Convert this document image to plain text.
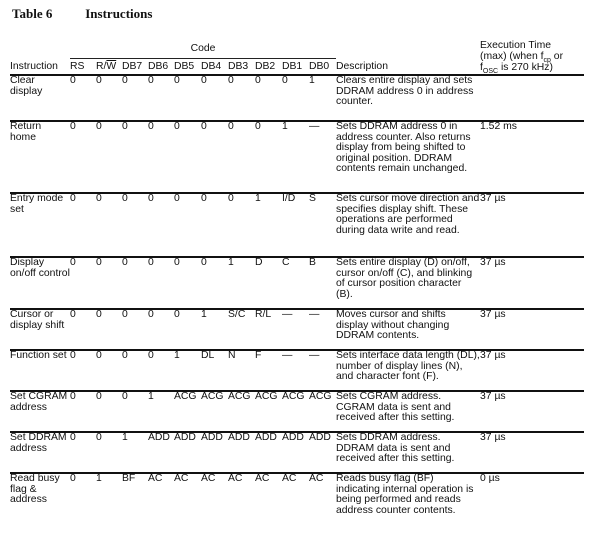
Table 6	Instructions
	Code											Execution Time
(max) (when $f_{cp}$ or
$f_{OSC}$ is 270 kHz)
Instruction	RS	$R/\overline{W}$	DB7	DB6	DB5	DB4	DB3	DB2	DB1	DB0	Description	
Clear display	0	0	0	0	0	0	0	0	0	1	Clears entire display and sets DDRAM address 0 in address counter.	
Return home	0	0	0	0	0	0	0	0	1	—	Sets DDRAM address 0 in address counter. Also returns display from being shifted to original position. DDRAM contents remain unchanged.	1.52 ms
Entry mode set	0	0	0	0	0	0	0	1	I/D	S	Sets cursor move direction and specifies display shift. These operations are performed during data write and read.	37 µs
Display on/off control	0	0	0	0	0	0	1	D	C	B	Sets entire display (D) on/off, cursor on/off (C), and blinking of cursor position character (B).	37 µs
Cursor or display shift	0	0	0	0	0	1	S/C	R/L	—	—	Moves cursor and shifts display without changing DDRAM contents.	37 µs
Function set	0	0	0	0	1	DL	N	F	—	—	Sets interface data length (DL), number of display lines (N), and character font (F).	37 µs
Set CGRAM address	0	0	0	1	ACG	ACG	ACG	ACG	ACG	ACG	Sets CGRAM address. CGRAM data is sent and received after this setting.	37 µs
Set DDRAM address	0	0	1	ADD	ADD	ADD	ADD	ADD	ADD	ADD	Sets DDRAM address. DDRAM data is sent and received after this setting.	37 µs
Read busy flag & address	0	1	BF	AC	AC	AC	AC	AC	AC	AC	Reads busy flag (BF) indicating internal operation is being performed and reads address counter contents.	0 µs
